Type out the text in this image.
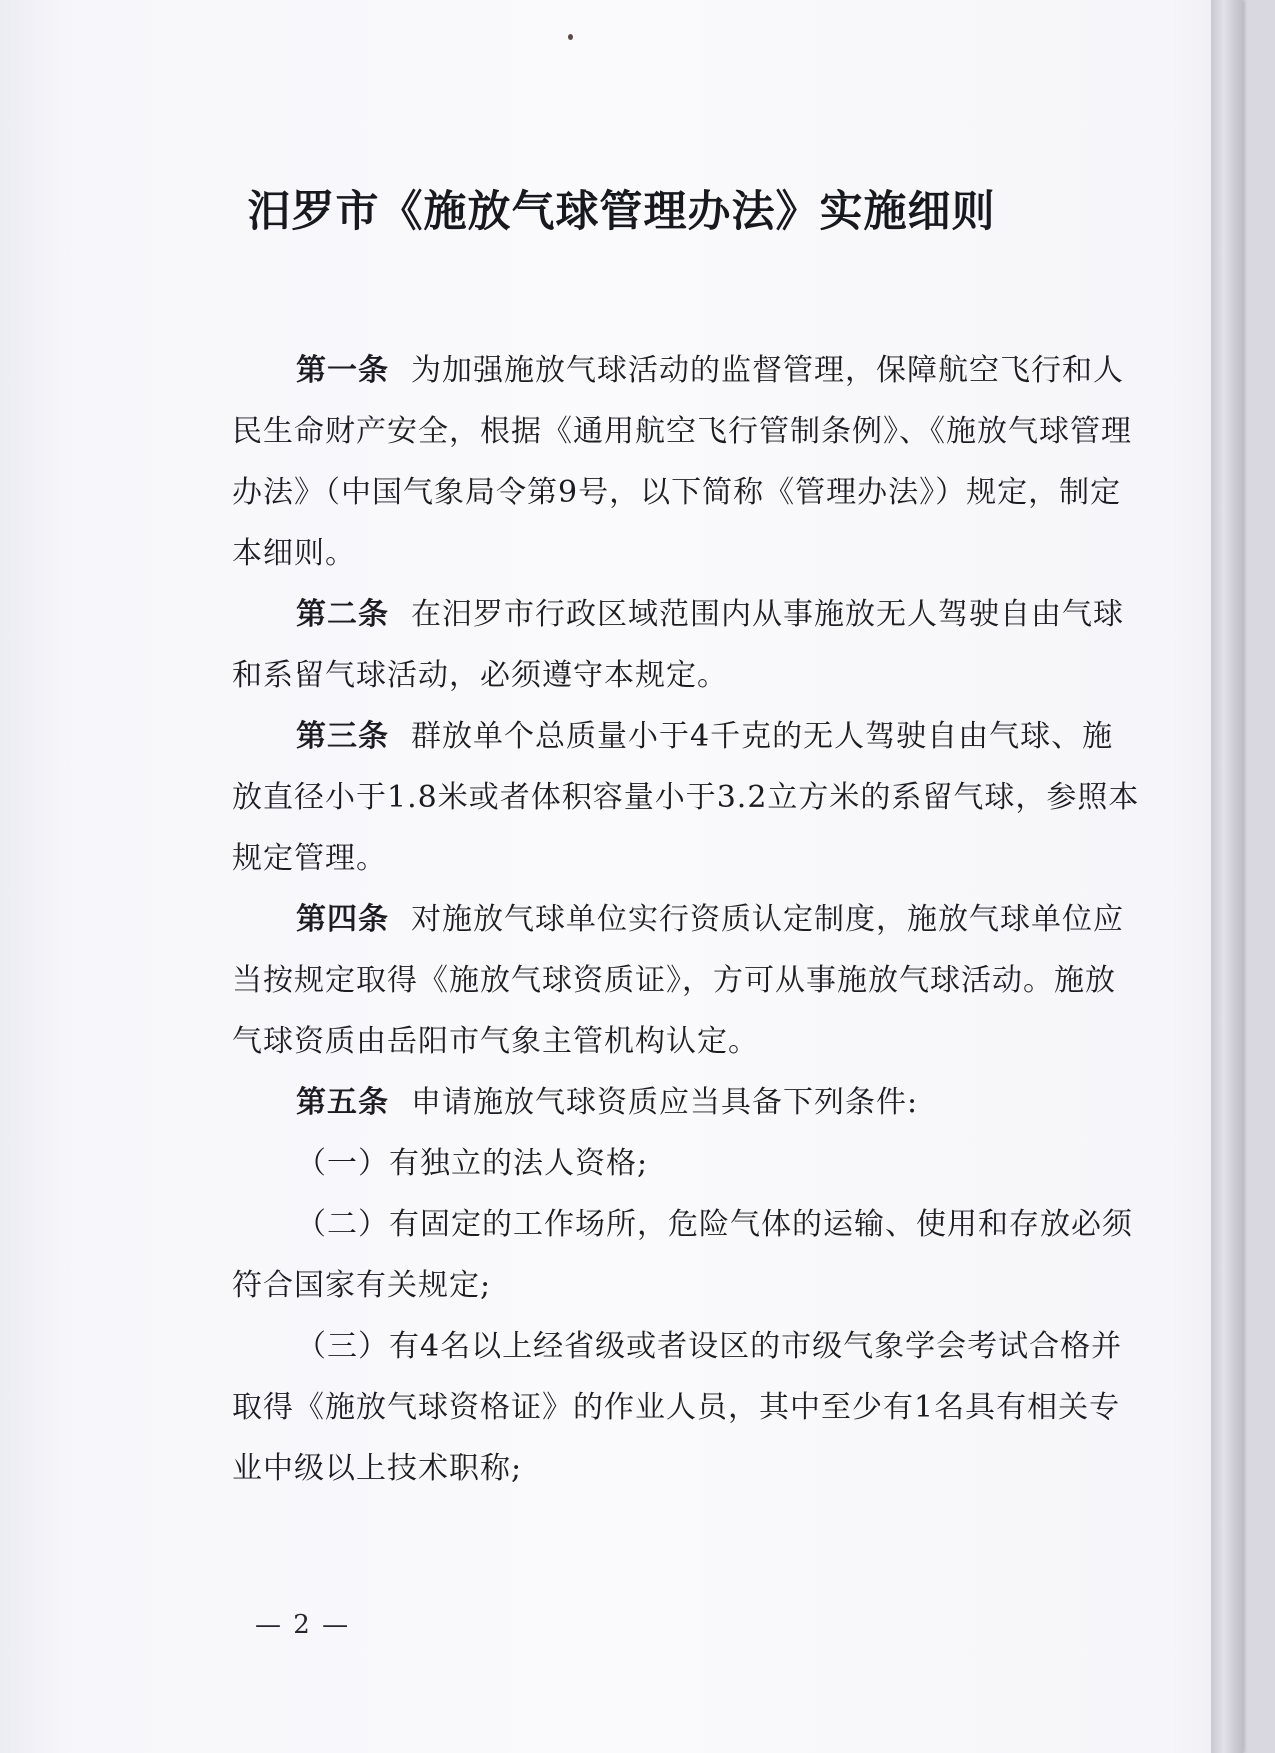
汨罗市《施放气球管理办法》实施细则

第一条 为加强施放气球活动的监督管理，保障航空飞行和人民生命财产安全，根据《通用航空飞行管制条例》、《施放气球管理办法》（中国气象局令第9号，以下简称《管理办法》）规定，制定本细则。

第二条 在汨罗市行政区域范围内从事施放无人驾驶自由气球和系留气球活动，必须遵守本规定。

第三条 群放单个总质量小于4千克的无人驾驶自由气球、施放直径小于1.8米或者体积容量小于3.2立方米的系留气球，参照本规定管理。

第四条 对施放气球单位实行资质认定制度，施放气球单位应当按规定取得《施放气球资质证》，方可从事施放气球活动。施放气球资质由岳阳市气象主管机构认定。

第五条 申请施放气球资质应当具备下列条件:

（一）有独立的法人资格;

（二）有固定的工作场所，危险气体的运输、使用和存放必须符合国家有关规定;

（三）有4名以上经省级或者设区的市级气象学会考试合格并取得《施放气球资格证》的作业人员，其中至少有1名具有相关专业中级以上技术职称;

— 2 —
